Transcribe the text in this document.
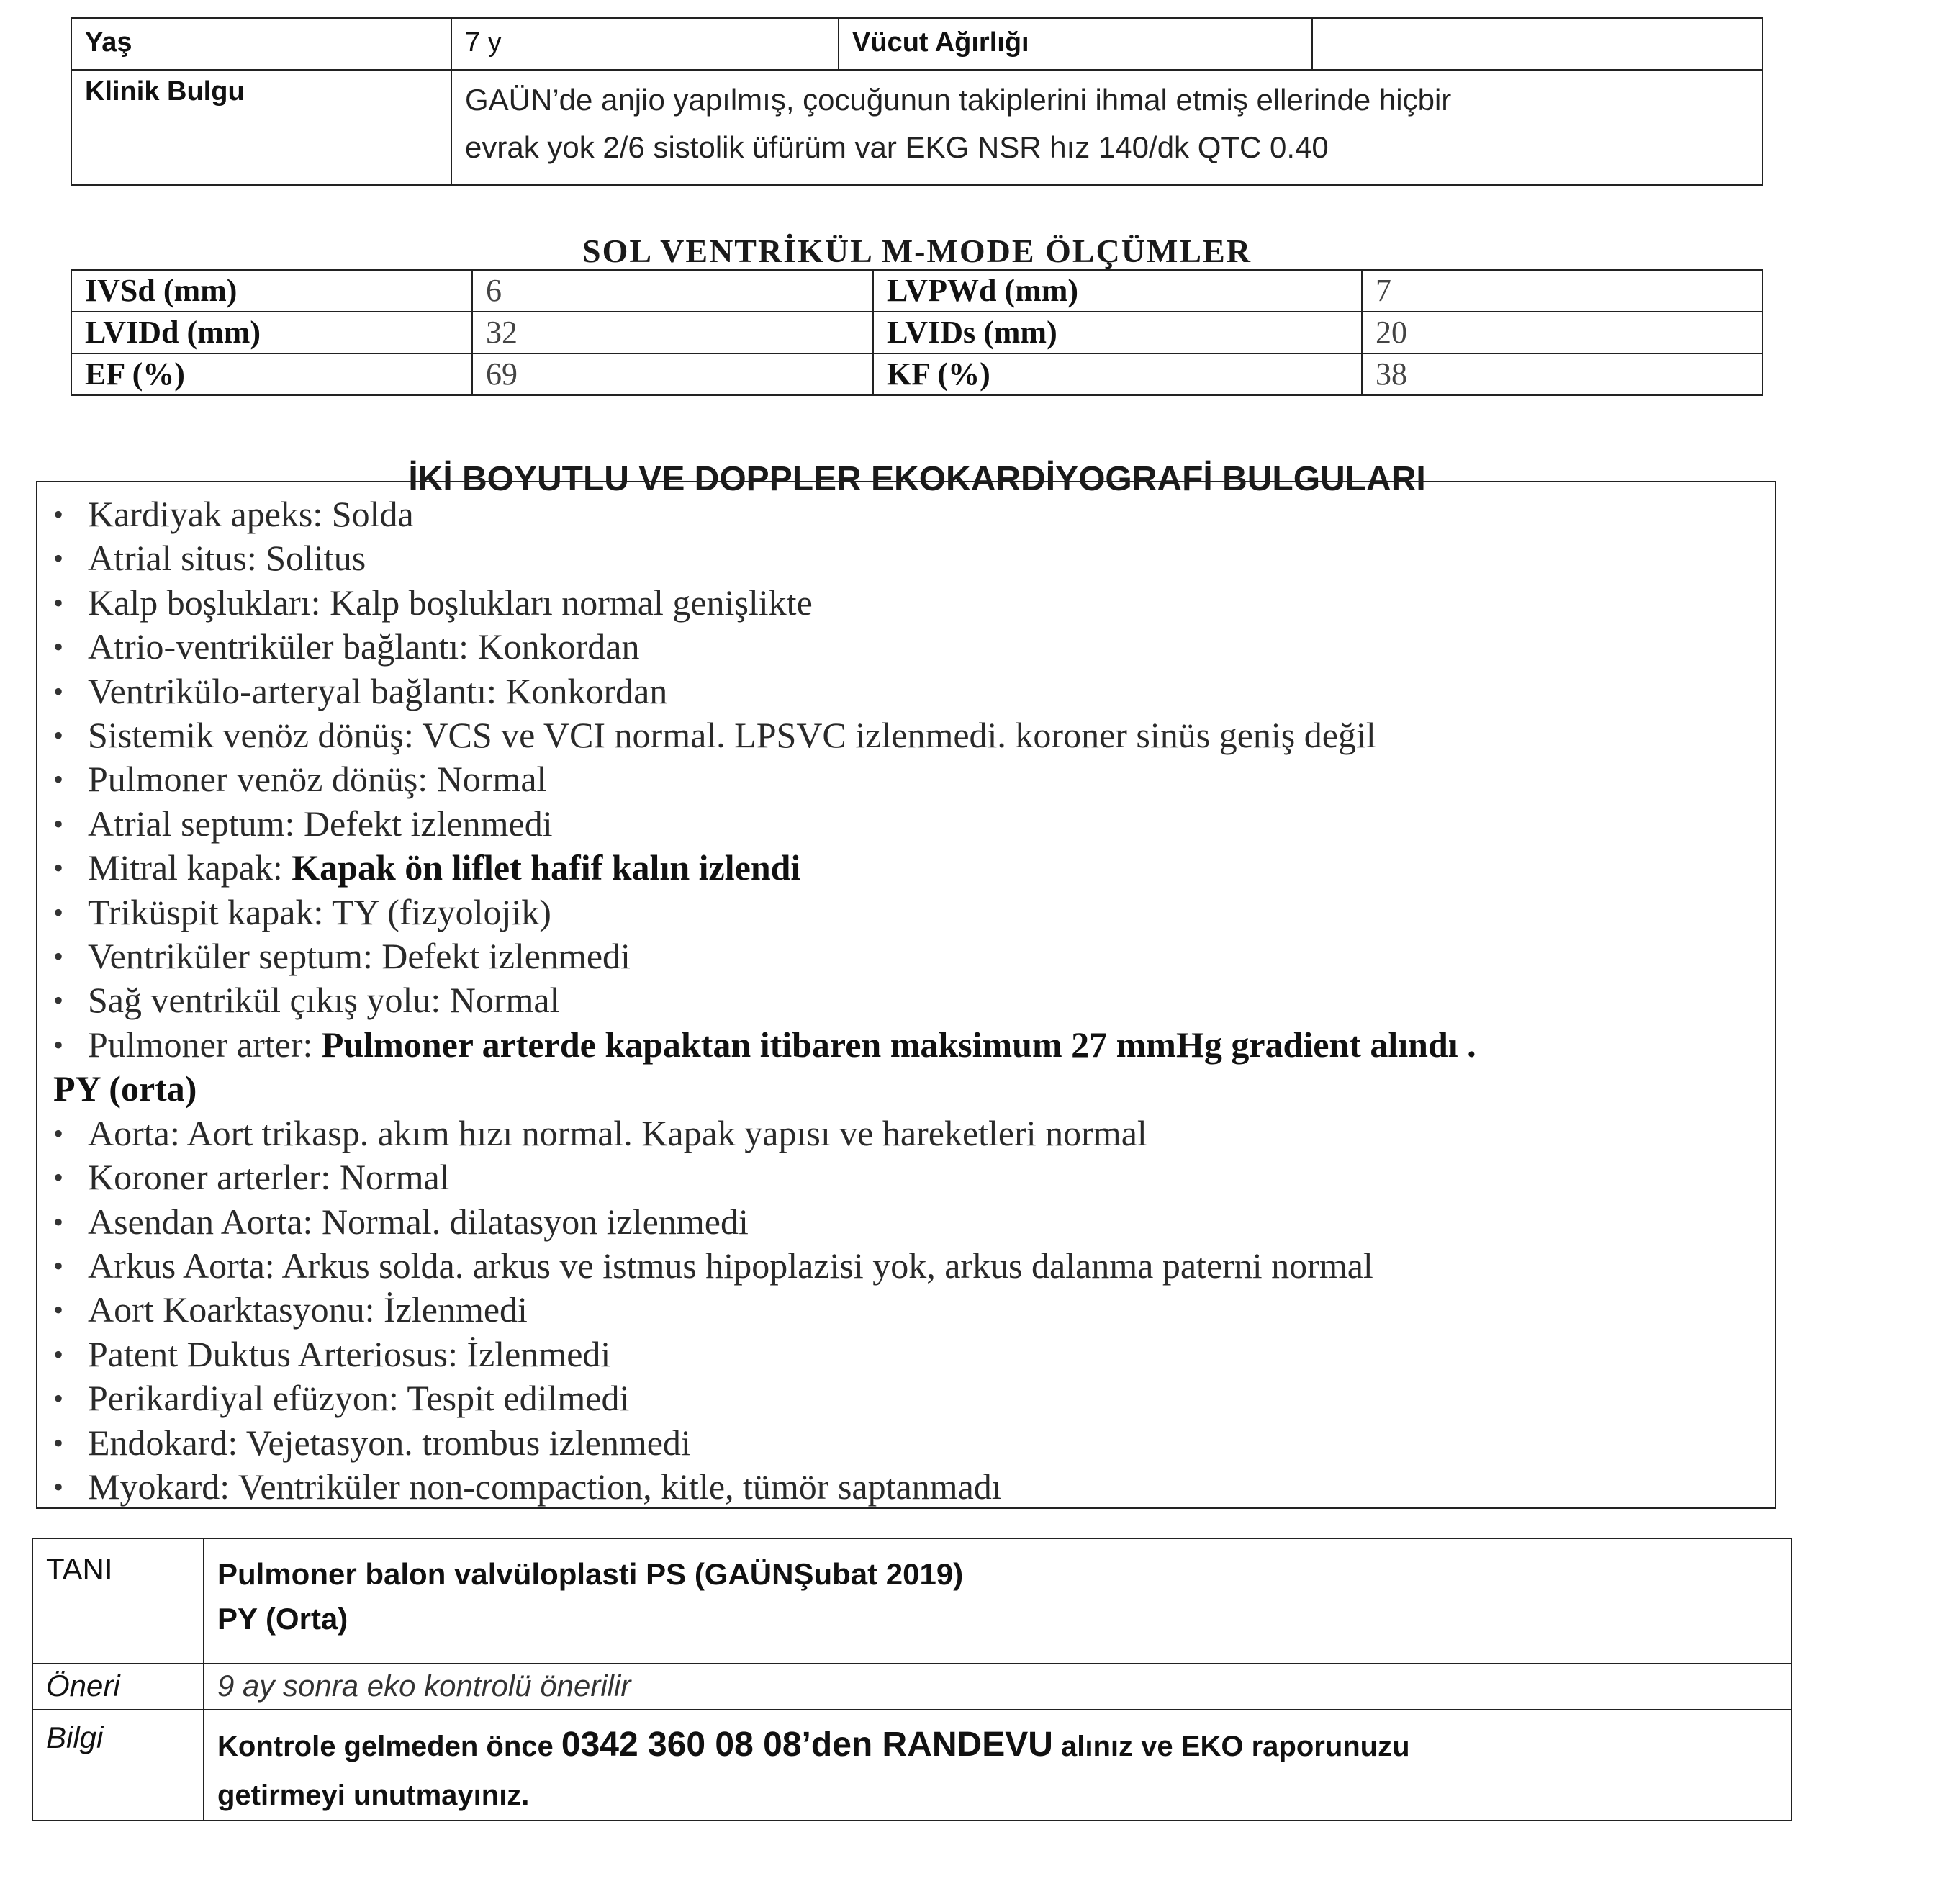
Yaş	7 y	Vücut Ağırlığı	
Klinik Bulgu	GAÜN’de anjio yapılmış, çocuğunun takiplerini ihmal etmiş ellerinde hiçbir
evrak yok 2/6 sistolik üfürüm var EKG NSR hız 140/dk QTC 0.40		
SOL VENTRİKÜL M-MODE ÖLÇÜMLER
IVSd (mm)	6	LVPWd (mm)	7
LVIDd (mm)	32	LVIDs (mm)	20
EF (%)	69	KF (%)	38
İKİ BOYUTLU VE DOPPLER EKOKARDİYOGRAFİ BULGULARI
• Kardiyak apeks: Solda
• Atrial situs: Solitus
• Kalp boşlukları: Kalp boşlukları normal genişlikte
• Atrio-ventriküler bağlantı: Konkordan
• Ventrikülo-arteryal bağlantı: Konkordan
• Sistemik venöz dönüş: VCS ve VCI normal. LPSVC izlenmedi. koroner sinüs geniş değil
• Pulmoner venöz dönüş: Normal
• Atrial septum: Defekt izlenmedi
• Mitral kapak: Kapak ön liflet hafif kalın izlendi
• Triküspit kapak: TY (fizyolojik)
• Ventriküler septum: Defekt izlenmedi
• Sağ ventrikül çıkış yolu: Normal
• Pulmoner arter: Pulmoner arterde kapaktan itibaren maksimum 27 mmHg gradient alındı .
PY (orta)
• Aorta: Aort trikasp. akım hızı normal. Kapak yapısı ve hareketleri normal
• Koroner arterler: Normal
• Asendan Aorta: Normal. dilatasyon izlenmedi
• Arkus Aorta: Arkus solda. arkus ve istmus hipoplazisi yok, arkus dalanma paterni normal
• Aort Koarktasyonu: İzlenmedi
• Patent Duktus Arteriosus: İzlenmedi
• Perikardiyal efüzyon: Tespit edilmedi
• Endokard: Vejetasyon. trombus izlenmedi
• Myokard: Ventriküler non-compaction, kitle, tümör saptanmadı
TANI	Pulmoner balon valvüloplasti PS (GAÜNŞubat 2019)
PY (Orta)

Öneri	9 ay sonra eko kontrolü önerilir
Bilgi	Kontrole gelmeden önce 0342 360 08 08’den RANDEVU alınız ve EKO raporunuzu
getirmeyi unutmayınız.
